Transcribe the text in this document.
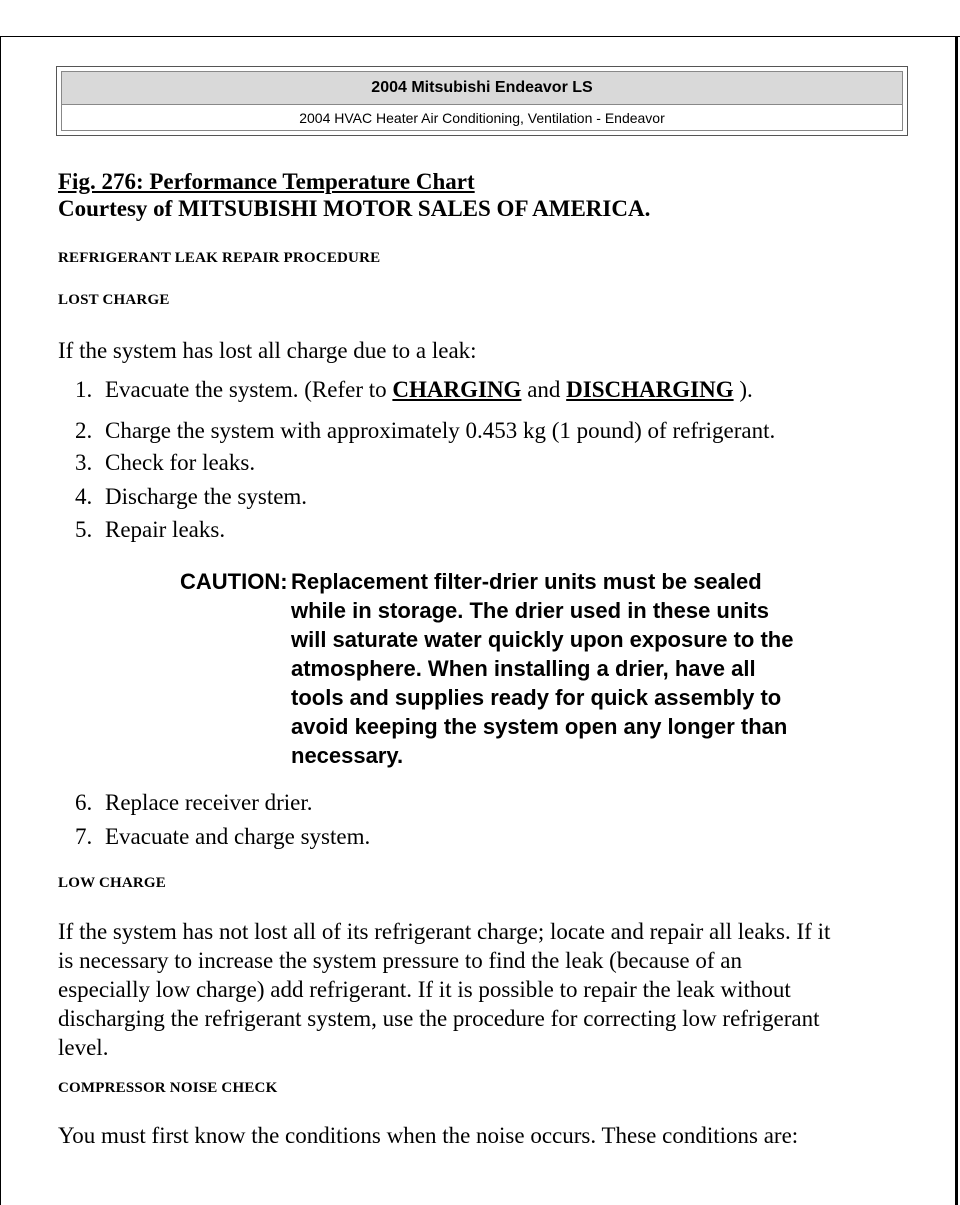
2004 Mitsubishi Endeavor LS
2004 HVAC Heater Air Conditioning, Ventilation - Endeavor
Fig. 276: Performance Temperature Chart
Courtesy of MITSUBISHI MOTOR SALES OF AMERICA.
REFRIGERANT LEAK REPAIR PROCEDURE
LOST CHARGE
If the system has lost all charge due to a leak:
1. Evacuate the system. (Refer to CHARGING and DISCHARGING ).
2. Charge the system with approximately 0.453 kg (1 pound) of refrigerant.
3. Check for leaks.
4. Discharge the system.
5. Repair leaks.
CAUTION: Replacement filter-drier units must be sealed
while in storage. The drier used in these units
will saturate water quickly upon exposure to the
atmosphere. When installing a drier, have all
tools and supplies ready for quick assembly to
avoid keeping the system open any longer than
necessary.
6. Replace receiver drier.
7. Evacuate and charge system.
LOW CHARGE
If the system has not lost all of its refrigerant charge; locate and repair all leaks. If it
is necessary to increase the system pressure to find the leak (because of an
especially low charge) add refrigerant. If it is possible to repair the leak without
discharging the refrigerant system, use the procedure for correcting low refrigerant
level.
COMPRESSOR NOISE CHECK
You must first know the conditions when the noise occurs. These conditions are:
